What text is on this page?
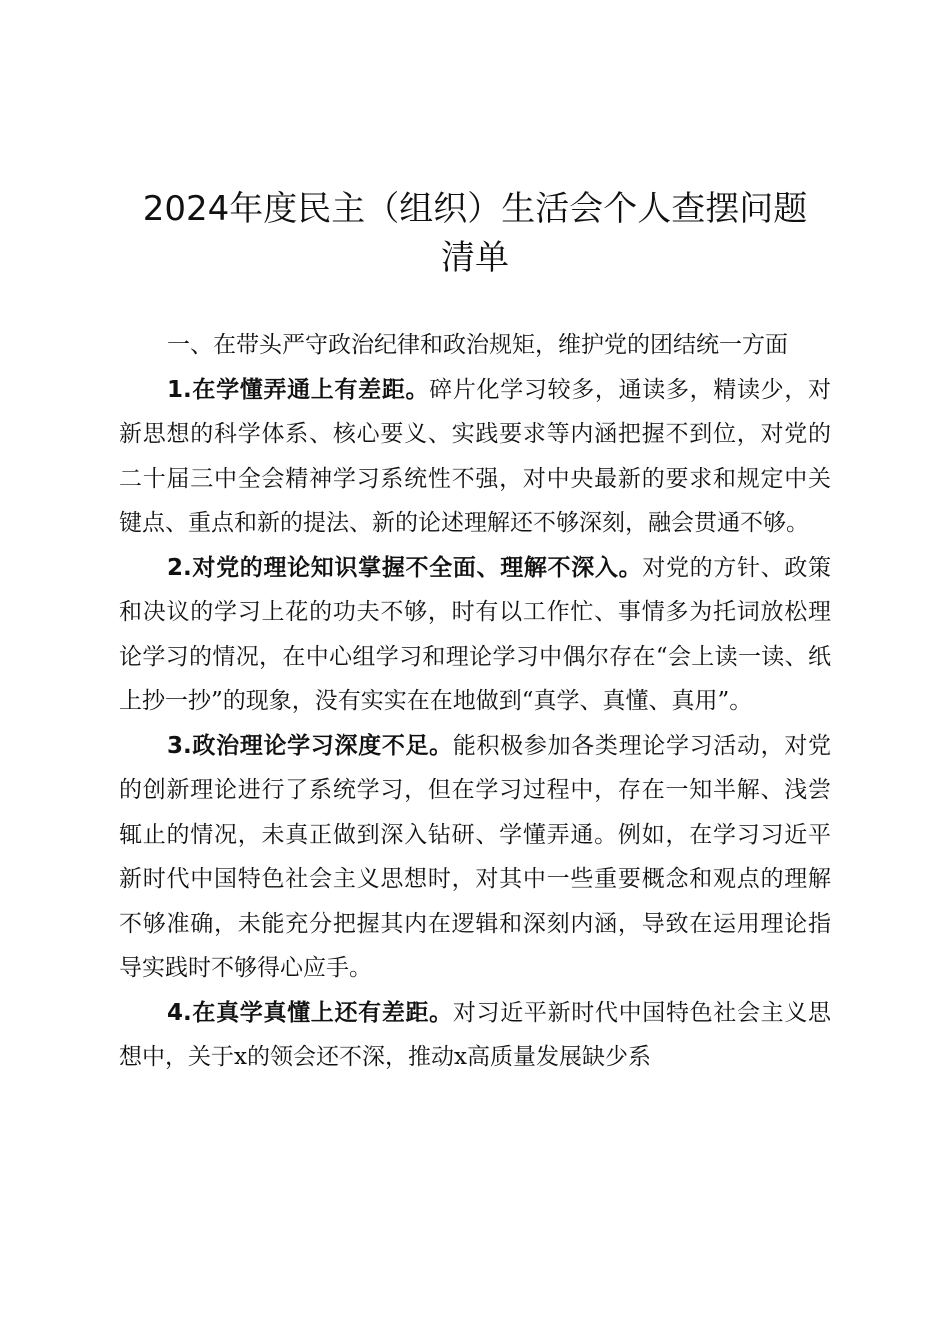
2024年度民主（组织）生活会个人查摆问题
清单

一、在带头严守政治纪律和政治规矩，维护党的团结统一方面

1.在学懂弄通上有差距。碎片化学习较多，通读多，精读少，对新思想的科学体系、核心要义、实践要求等内涵把握不到位，对党的二十届三中全会精神学习系统性不强，对中央最新的要求和规定中关键点、重点和新的提法、新的论述理解还不够深刻，融会贯通不够。

2.对党的理论知识掌握不全面、理解不深入。对党的方针、政策和决议的学习上花的功夫不够，时有以工作忙、事情多为托词放松理论学习的情况，在中心组学习和理论学习中偶尔存在“会上读一读、纸上抄一抄”的现象，没有实实在在地做到“真学、真懂、真用”。

3.政治理论学习深度不足。能积极参加各类理论学习活动，对党的创新理论进行了系统学习，但在学习过程中，存在一知半解、浅尝辄止的情况，未真正做到深入钻研、学懂弄通。例如，在学习习近平新时代中国特色社会主义思想时，对其中一些重要概念和观点的理解不够准确，未能充分把握其内在逻辑和深刻内涵，导致在运用理论指导实践时不够得心应手。

4.在真学真懂上还有差距。对习近平新时代中国特色社会主义思想中，关于x的领会还不深，推动x高质量发展缺少系
